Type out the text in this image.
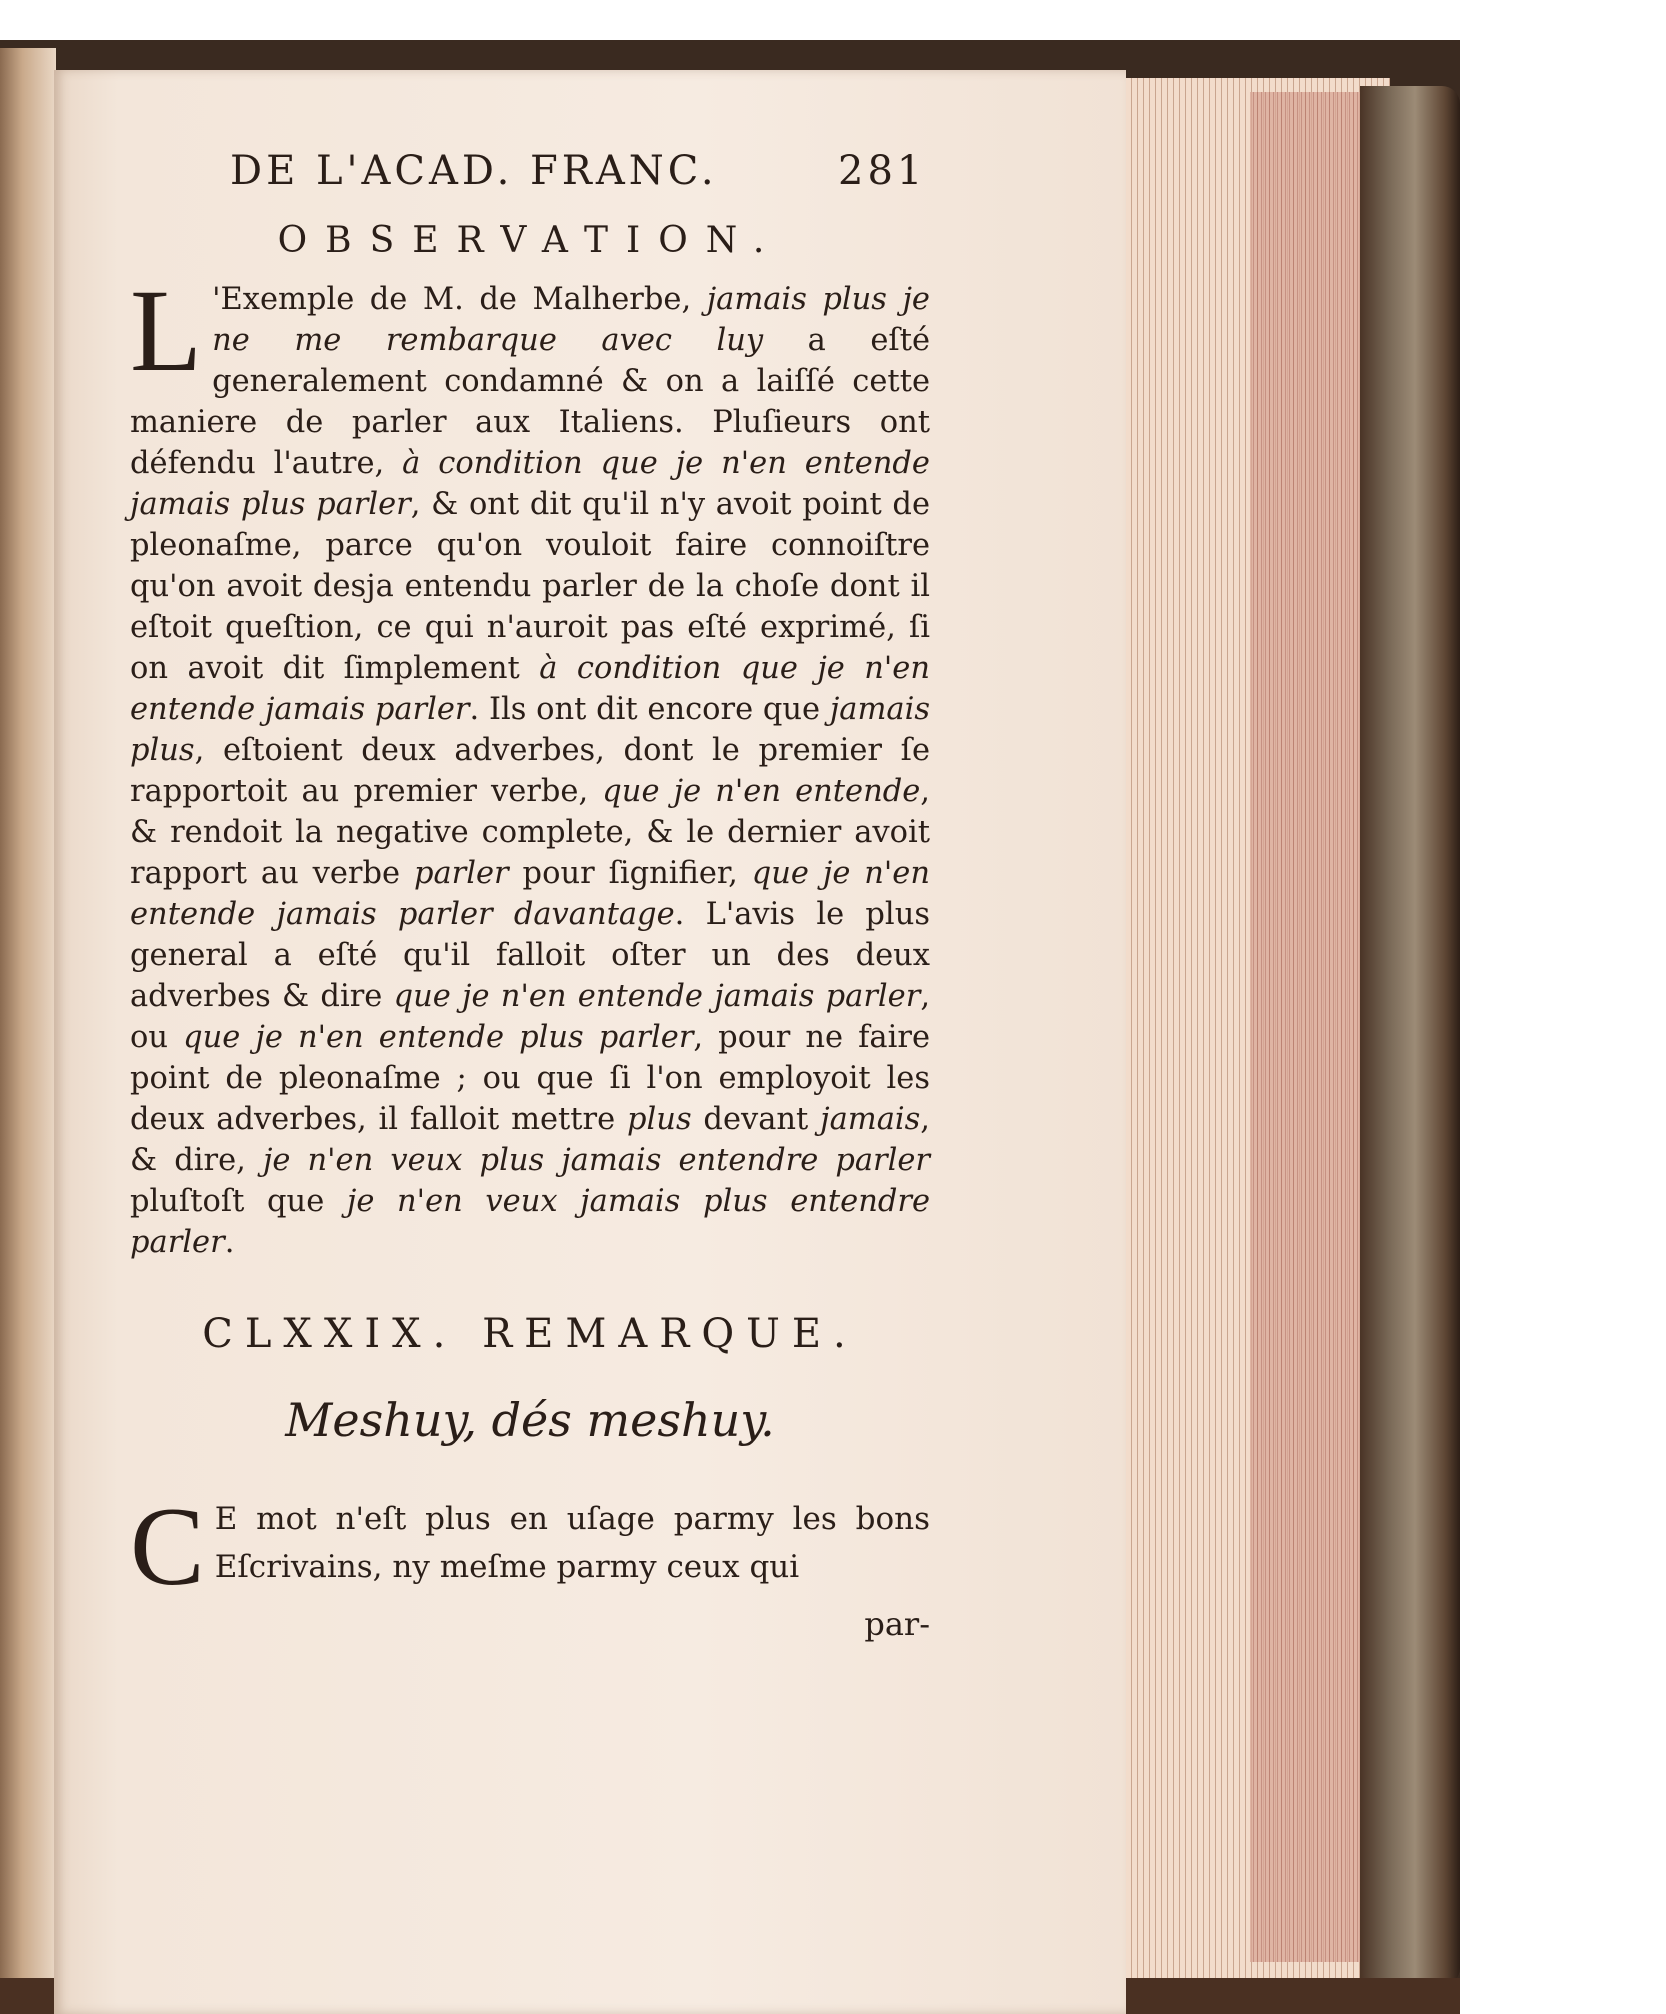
DE L'ACAD. FRANC.	281
OBSERVATION.
L 'Exemple de M. de Malherbe, jamais plus je ne me rembarque avec luy a eſté generalement condamné & on a laiſſé cette maniere de parler aux Italiens. Pluſieurs ont défendu l'autre, à condition que je n'en entende jamais plus parler, & ont dit qu'il n'y avoit point de pleonaſme, parce qu'on vouloit faire connoiſtre qu'on avoit desja entendu parler de la choſe dont il eſtoit queſtion, ce qui n'auroit pas eſté exprimé, ſi on avoit dit ſimplement à condition que je n'en entende jamais parler. Ils ont dit encore que jamais plus, eſtoient deux adverbes, dont le premier ſe rapportoit au premier verbe, que je n'en entende, & rendoit la negative complete, & le dernier avoit rapport au verbe parler pour ſignifier, que je n'en entende jamais parler davantage. L'avis le plus general a eſté qu'il falloit oſter un des deux adverbes & dire que je n'en entende jamais parler, ou que je n'en entende plus parler, pour ne faire point de pleonaſme ; ou que ſi l'on employoit les deux adverbes, il falloit mettre plus devant jamais, & dire, je n'en veux plus jamais entendre parler pluſtoſt que je n'en veux jamais plus entendre parler.
CLXXIX. REMARQUE.
Meshuy, dés meshuy.
C E mot n'eſt plus en uſage parmy les bons Eſcrivains, ny meſme parmy ceux qui
par-
